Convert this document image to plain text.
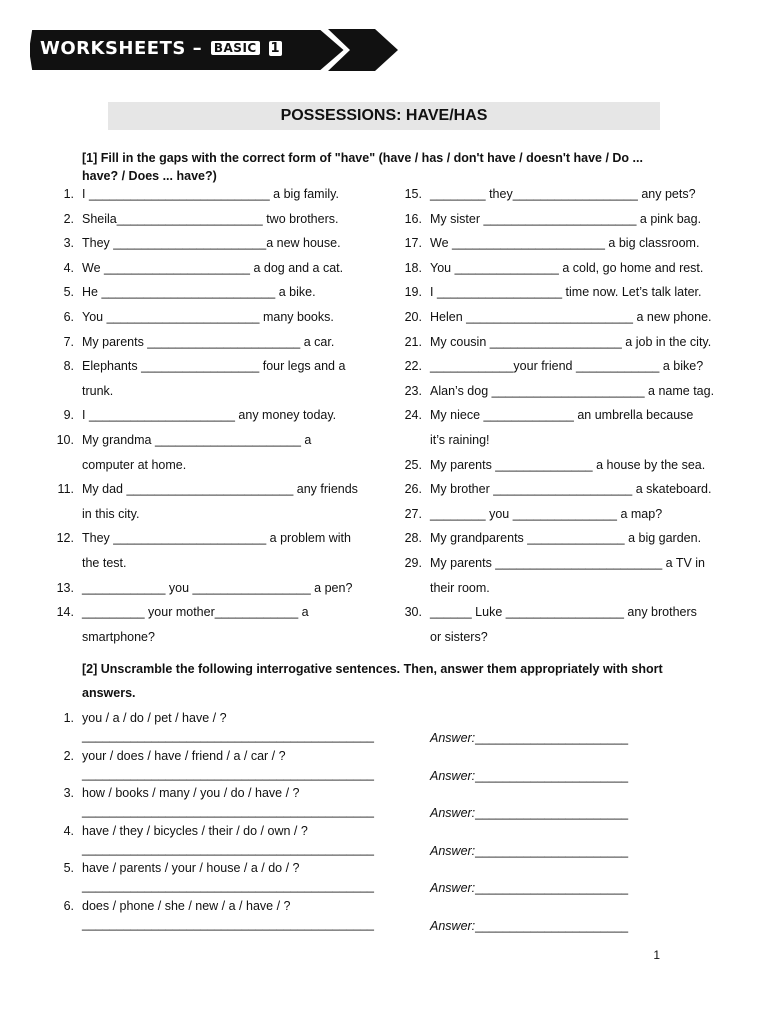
WORKSHEETS – BASIC 1
POSSESSIONS: HAVE/HAS
[1] Fill in the gaps with the correct form of "have" (have / has / don't have / doesn't have / Do ...
have? / Does ... have?)
1. I __________________________ a big family.
2. Sheila_____________________ two brothers.
3. They ______________________a new house.
4. We _____________________ a dog and a cat.
5. He _________________________ a bike.
6. You ______________________ many books.
7. My parents ______________________ a car.
8. Elephants _________________ four legs and a
trunk.
9. I _____________________ any money today.
10. My grandma _____________________ a
computer at home.
11. My dad ________________________ any friends
in this city.
12. They ______________________ a problem with
the test.
13. ____________ you _________________ a pen?
14. _________ your mother____________ a
smartphone?
15. ________ they__________________ any pets?
16. My sister ______________________ a pink bag.
17. We ______________________ a big classroom.
18. You _______________ a cold, go home and rest.
19. I __________________ time now. Let’s talk later.
20. Helen ________________________ a new phone.
21. My cousin ___________________ a job in the city.
22. ____________your friend ____________ a bike?
23. Alan’s dog ______________________ a name tag.
24. My niece _____________ an umbrella because
it’s raining!
25. My parents ______________ a house by the sea.
26. My brother ____________________ a skateboard.
27. ________ you _______________ a map?
28. My grandparents ______________ a big garden.
29. My parents ________________________ a TV in
their room.
30. ______ Luke _________________ any brothers
or sisters?
[2] Unscramble the following interrogative sentences. Then, answer them appropriately with short
answers.
1. you / a / do / pet / have / ?
__________________________________________	Answer:______________________
2. your / does / have / friend / a / car / ?
__________________________________________	Answer:______________________
3. how / books / many / you / do / have / ?
__________________________________________	Answer:______________________
4. have / they / bicycles / their / do / own / ?
__________________________________________	Answer:______________________
5. have / parents / your / house / a / do / ?
__________________________________________	Answer:______________________
6. does / phone / she / new / a / have / ?
__________________________________________	Answer:______________________
1
